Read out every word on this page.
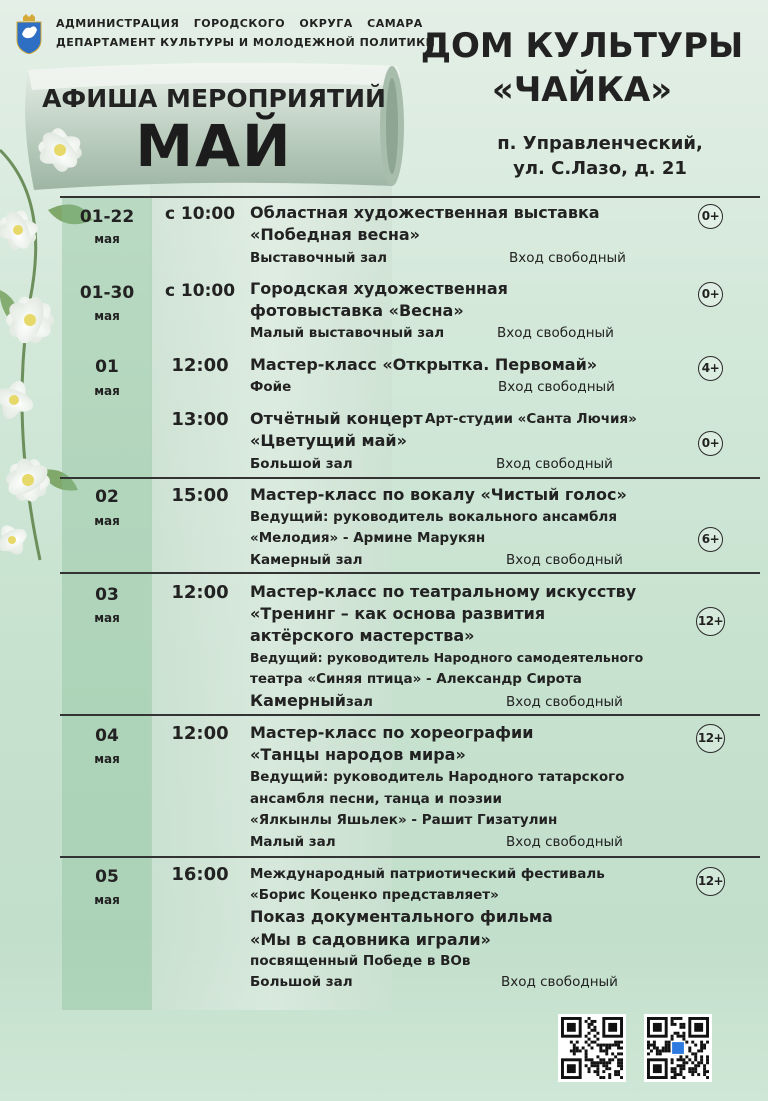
АДМИНИСТРАЦИЯ ГОРОДСКОГО ОКРУГА САМАРА
ДЕПАРТАМЕНТ КУЛЬТУРЫ И МОЛОДЕЖНОЙ ПОЛИТИКИ
ДОМ КУЛЬТУРЫ
«ЧАЙКА»
п. Управленческий,
ул. С.Лазо, д. 21
АФИША МЕРОПРИЯТИЙ
МАЙ
01-22
мая
с 10:00 Областная художественная выставка
«Победная весна»
Выставочный зал	Вход свободный
0+
01-30
мая
с 10:00 Городская художественная
фотовыставка «Весна»
Малый выставочный зал	Вход свободный
0+
01
мая
12:00	Мастер-класс «Открытка. Первомай»
Фойе	Вход свободный
4+
13:00	Отчётный концерт Арт-студии «Санта Лючия»
«Цветущий май»
Большой зал	Вход свободный
0+
02
мая
15:00	Мастер-класс по вокалу «Чистый голос»
Ведущий: руководитель вокального ансамбля
«Мелодия» - Армине Марукян
Камерный зал	Вход свободный
6+
03
мая
12:00	Мастер-класс по театральному искусству
«Тренинг – как основа развития
актёрского мастерства»
Ведущий: руководитель Народного самодеятельного
театра «Синяя птица» - Александр Сирота
Камерный зал	Вход свободный
12+
04
мая
12:00	Мастер-класс по хореографии
«Танцы народов мира»
Ведущий: руководитель Народного татарского
ансамбля песни, танца и поэзии
«Ялкынлы Яшьлек» - Рашит Гизатулин
Малый зал	Вход свободный
12+
05
мая
16:00	Международный патриотический фестиваль
«Борис Коценко представляет»
Показ документального фильма
«Мы в садовника играли»
посвященный Победе в ВОв
Большой зал	Вход свободный
12+
